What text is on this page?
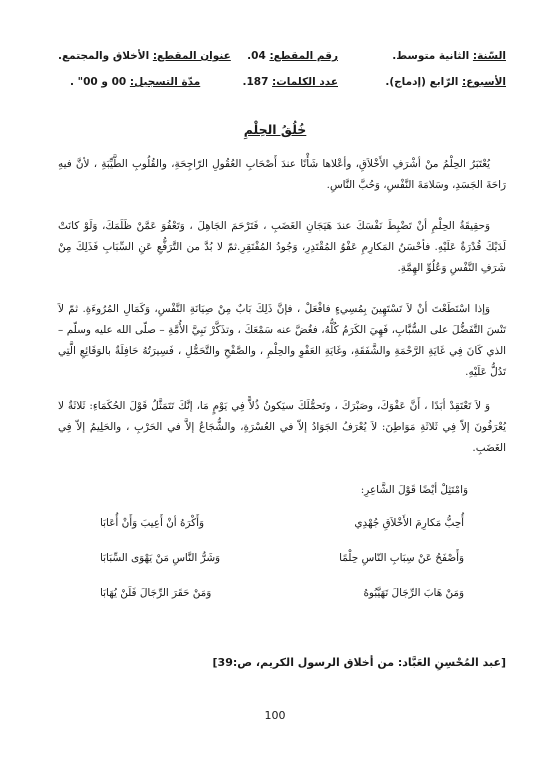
السّنة: الثانية متوسط.
رقم المقطع: 04.
عنوان المقطع: الأخلاق والمجتمع.
الأسبوع: الرّابع (إدماج).
عدد الكلمات: 187.
مدّة التسجيل: 00 و 00" .
خُلُقُ الحِلْمِ

يُعْتَبَرُ الحِلْمُ منْ أشْرَفِ الأَخْلاَقِ، وأعْلاها شَأْنًا عندَ أَصْحَابِ العُقُولِ الرّاجِحَةِ، والقُلُوبِ الطَّيِّبَةِ ، لأنَّ فيهِ رَاحَةَ الجَسَدِ، وسَلامَةَ النَّفْسِ، وَحُبَّ النَّاسِ.

وَحقِيقَةُ الحِلْمِ أنْ تَضْبِطَ نَفْسَكَ عندَ هَيَجَانِ الغَضَبِ ، فَتَرْحَمَ الجَاهِلَ ، وَتَعْفُوَ عَمَّنْ ظَلَمَكَ، وَلَوْ كانَتْ لَدَيْكَ قُدْرَةٌ عَلَيْهِ. فأحْسَنُ المَكارِمِ عَفْوُ المُقْتَدِرِ، وَجُودُ المُفْتَقِرِ.ثمّ لا بُدَّ من التَّرَفُّعِ عَنِ السِّبَابِ فَذَلِكَ مِنْ شَرَفِ النَّفْسِ وَعُلُوِّ الهِمَّةِ.

وَإذا اسْتَطَعْتَ أنْ لاَ تَسْتَهِينَ بِمُسِيءٍ فافْعَلْ ، فإنَّ ذَلِكَ بَابٌ مِنْ صِيَانَةِ النَّفْسِ، وَكَمَالِ المُرُوءَةِ. ثمّ لاَ تَنْسَ التَّفَضُّلَ على السُّبَّابِ، فَهِيَ الكَرَمُ كُلُّهُ، فغُضَّ عنه سَمْعَكَ ، وتذَكَّرْ نَبِيَّ الأُمَّةِ – صلّى الله عليه وسلّم – الذي كَانَ فِي غَايَةِ الرَّحْمَةِ والشَّفَقَةِ، وغَايَةِ العَفْوِ والحِلْمِ ، والصَّفْحِ والتَّحَمُّلِ ، فَسِيرَتُهُ حَافِلَةٌ بالوَقَائِعِ الَّتِي تَدُلُّ عَلَيْهِ.

وَ لاَ تَعْتَقِدْ أبَدًا ، أَنَّ عَفْوَكَ، وصَبْرَكَ ، وتَحمُّلَكَ سيَكونُ ذُلاًّ فِي يَوْمٍ مَا، إنَّكَ تَتَمَثَّلُ قَوْلَ الحُكَمَاءِ: ثَلاثَةٌ لا يُعْرَفُونَ إلاّ فِي ثَلاثَةِ مَوَاطِنَ: لاَ يُعْرَفُ الجَوَادُ إلاّ في العُسْرَةِ، والشُّجَاعُ إلاَّ في الحَرْبِ ، والحَلِيمُ إلاّ فِي الغَضَبِ.

وَامْتَثِلْ أيْضًا قَوْلَ الشَّاعِرِ:
أُحِبُّ مَكارِمَ الأَخْلاَقِ جُهْدِي
وَأَكْرَهُ أنْ أَعِيبَ وَأَنْ أُعَابَا
وَأَصْفَحُ عَنْ سِبَابِ النّاسِ حِلْمًا
وَشَرُّ النَّاسِ مَنْ يَهْوَى السِّبَابَا
وَمَنْ هَابَ الرِّجَالَ تَهَيَّبُوهُ
وَمَنْ حَقَرَ الرِّجَالَ فَلَنْ يُهَابَا
[عبد المُحْسِنِ العَبَّاد: من أخلاق الرسول الكريم، ص:39]
100
